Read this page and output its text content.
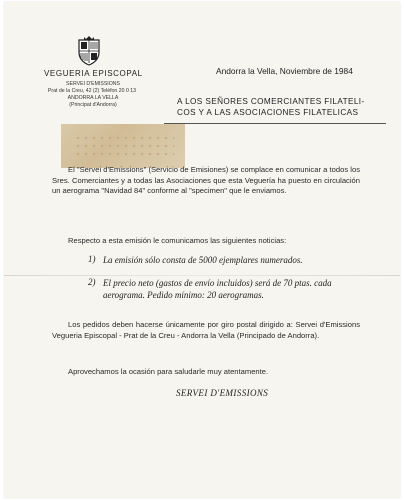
VEGUERIA EPISCOPAL
SERVEI D'EMISSIONS
Prat de la Creu, 42 (2) Telèfon 20 0 13
ANDORRA LA VELLA
(Principat d'Andorra)
Andorra la Vella, Noviembre de 1984
A LOS SEÑORES COMERCIANTES FILATELI- COS Y A LAS ASOCIACIONES FILATELICAS
El "Servei d'Emissions" (Servicio de Emisiones) se complace en comunicar a todos los Sres. Comerciantes y a todas las Asociaciones que esta Veguería ha puesto en circulación un aerograma "Navidad 84" conforme al "specimen" que le enviamos.
Respecto a esta emisión le comunicamos las siguientes noticias:
1) La emisión sólo consta de 5000 ejemplares numerados.
2) El precio neto (gastos de envío incluidos) será de 70 ptas. cada aerograma. Pedido mínimo: 20 aerogramas.
Los pedidos deben hacerse únicamente por giro postal dirigido a: Servei d'Emissions Vegueria Episcopal - Prat de la Creu - Andorra la Vella (Principado de Andorra).
Aprovechamos la ocasión para saludarle muy atentamente.
SERVEI D'EMISSIONS
